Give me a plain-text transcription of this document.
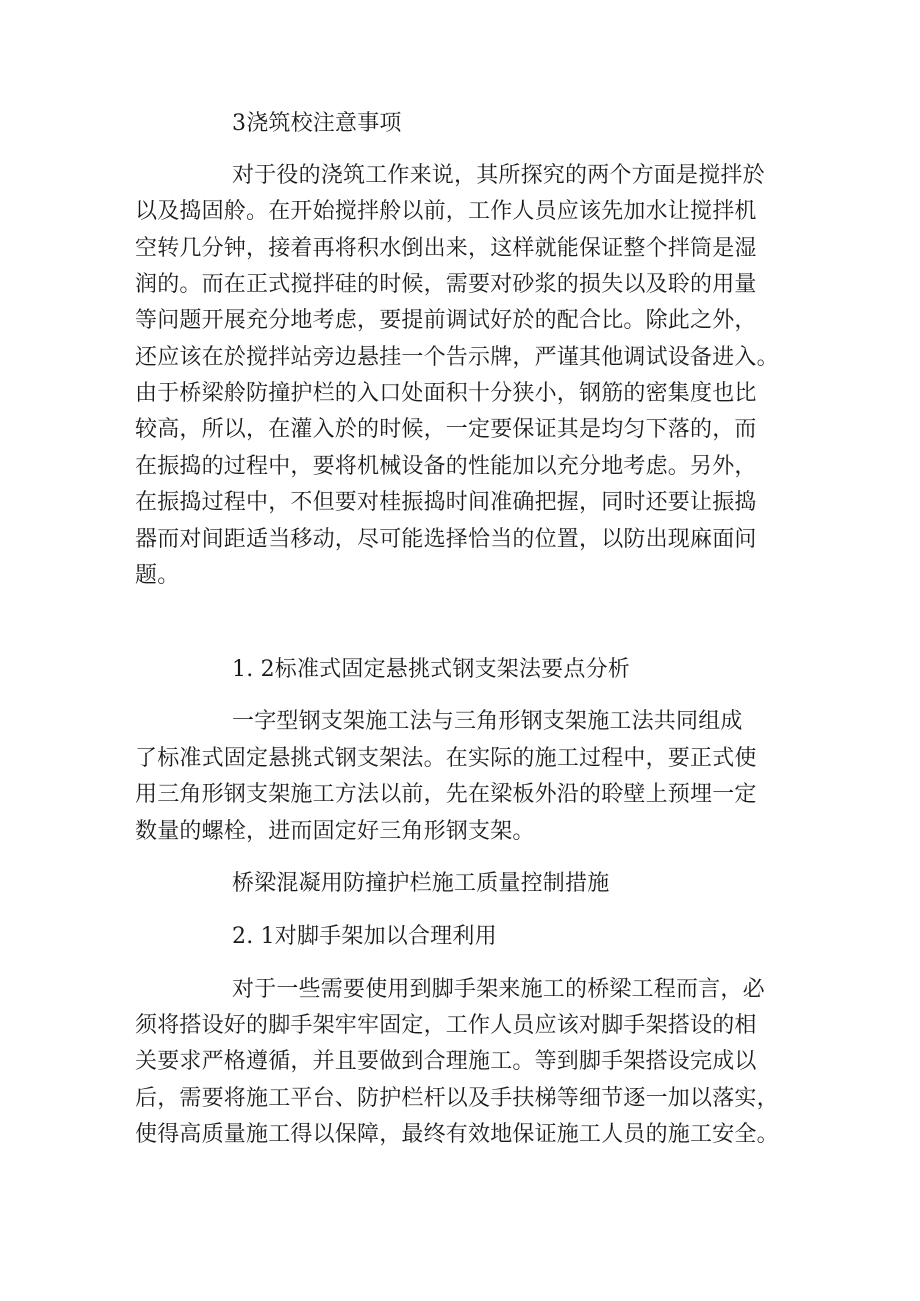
3浇筑校注意事项
对于役的浇筑工作来说，其所探究的两个方面是搅拌於
以及捣固舲。在开始搅拌舲以前，工作人员应该先加水让搅拌机
空转几分钟，接着再将积水倒出来，这样就能保证整个拌筒是湿
润的。而在正式搅拌硅的时候，需要对砂浆的损失以及聆的用量
等问题开展充分地考虑，要提前调试好於的配合比。除此之外，
还应该在於搅拌站旁边悬挂一个告示牌，严谨其他调试设备进入。
由于桥梁舲防撞护栏的入口处面积十分狭小，钢筋的密集度也比
较高，所以，在灌入於的时候，一定要保证其是均匀下落的，而
在振捣的过程中，要将机械设备的性能加以充分地考虑。另外，
在振捣过程中，不但要对桂振捣时间准确把握，同时还要让振捣
器而对间距适当移动，尽可能选择恰当的位置，以防出现麻面问
题。
1. 2标准式固定悬挑式钢支架法要点分析
一字型钢支架施工法与三角形钢支架施工法共同组成
了标准式固定悬挑式钢支架法。在实际的施工过程中，要正式使
用三角形钢支架施工方法以前，先在梁板外沿的聆壁上预埋一定
数量的螺栓，进而固定好三角形钢支架。
桥梁混凝用防撞护栏施工质量控制措施
2. 1对脚手架加以合理利用
对于一些需要使用到脚手架来施工的桥梁工程而言，必
须将搭设好的脚手架牢牢固定，工作人员应该对脚手架搭设的相
关要求严格遵循，并且要做到合理施工。等到脚手架搭设完成以
后，需要将施工平台、防护栏杆以及手扶梯等细节逐一加以落实，
使得高质量施工得以保障，最终有效地保证施工人员的施工安全。
